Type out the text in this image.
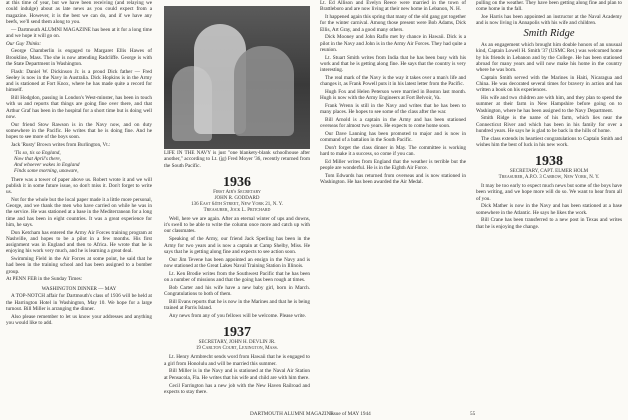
at this time of year, but we have been receiving (and relaying we could indulge) about as late news as you could expect from a magazine. However, it is the best we can do, and if we have any beefs, we'll send them along to you.

— Dartmouth ALUMNI MAGAZINE has been at it for a long time and we hope it will go on.

Our Guy Thinks:

George Chamberlin is engaged to Margaret Ellis Hawes of Brookline, Mass. The she is now attending Radcliffe. George is with the State Department in Washington.

Flash: Daniel W. Dickinson Jr. is a proud Dick father — Fred Seeley is now in the Navy in Australia. Dick Hopkins is in the Army and is stationed at Fort Knox, where he has made quite a record for himself.

Bill Hodgdon, passing in London's West-minster, has been in touch with us and reports that things are going fine over there, and that Arthur Graf has been in the hospital for a short time but is doing well now.

Our friend Stow Rawson is in the Navy now, and on duty somewhere in the Pacific. He writes that he is doing fine. And he hopes to see more of the boys soon.

Jack 'Rusty' Brown writes from Burlington, Vt.:

'Tis so, tis so England,
Now that April's there,
And whoever wakes in England
Finds some morning, unaware,

There was a tower of paper above us. Robert wrote it and we will publish it in some future issue, so don't miss it. Don't forget to write us.

Not for the whole but the local paper made it a little more personal, George, and we thank the men who have carried on while he was in the service. He was stationed at a base in the Mediterranean for a long time and has been in eight countries. It was a great experience for him, he says.

Don Ketcham has entered the Army Air Forces training program at Nashville, and hopes to be a pilot in a few months. His first assignment was in England and then to Africa. He wrote that he is enjoying his work very much, and he is learning a great deal.

Swimming Field in the Air Forces at some point, he said that he had been in the training school and has been assigned to a bomber group.

At PENN FEB in the Sunday Times:

WASHINGTON DINNER — MAY

A TOP-NOTCH affair for Dartmouth's class of 1936 will be held at the Harrington Hotel in Washington, May 10. We hope for a large turnout. Bill Miller is arranging the dinner.

Also please remember to let us know your addresses and anything you would like to add.

LIFE IN THE NAVY is just "one blankety-blank schoolhouse after another," according to Lt. (jg) Fred Moyer '36, recently returned from the South Pacific.
1936
First Air's Secretary
JOHN R. GODDARD
136 East 64th Street, New York 21, N. Y.
Treasurer, Jock L. Pritchard

Well, here we are again. After an eternal winter of ups and downs, it's swell to be able to write the column once more and catch up with our classmates.

Speaking of the Army, our friend Jack Sperling has been in the Army for two years and is now a captain at Camp Shelby, Miss. He says that he is getting along fine and expects to see action soon.

Our Jim Tevene has been appointed an ensign in the Navy and is now stationed at the Great Lakes Naval Training Station in Illinois.

Lt. Ken Brodie writes from the Southwest Pacific that he has been on a number of missions and that the going has been rough at times.

Bob Carter and his wife have a new baby girl, born in March. Congratulations to both of them.

Bill Evans reports that he is now in the Marines and that he is being trained at Parris Island.

Any news from any of you fellows will be welcome. Please write.

1937
SECRETARY, JOHN H. DEVLIN JR.
19 Carlton Court, Lexington, Mass.

Lt. Henry Armbrecht sends word from Hawaii that he is engaged to a girl from Honolulu and will be married this summer.

Bill Miller is in the Navy and is stationed at the Naval Air Station at Pensacola, Fla. He writes that his wife and child are with him there.

Cecil Farrington has a new job with the New Haven Railroad and expects to stay there.

Lt. Ed Allison and Evelyn Reece were married in the town of Brattleboro and are now living at their new home in Lebanon, N. H.

It happened again this spring that many of the old gang got together for the winter carnival. Among those present were Bob Adams, Dick Ellis, Art Gray, and a good many others.

Dick Mooney and John Raflo met by chance in Hawaii. Dick is a pilot in the Navy and John is in the Army Air Forces. They had quite a reunion.

Lt. Stuart Smith writes from India that he has been busy with his work and that he is getting along fine. He says that the country is very interesting.

The real mark of the Navy is the way it takes over a man's life and changes it, as Frank Powell puts it in his latest letter from the Pacific.

Hugh Fox and Helen Peterson were married in Boston last month. Hugh is now with the Army Engineers at Fort Belvoir, Va.

Frank Wrenn is still in the Navy and writes that he has been to many places. He hopes to see some of the class after the war.

Bill Arnold is a captain in the Army and has been stationed overseas for almost two years. He expects to come home soon.

Our Dave Lanning has been promoted to major and is now in command of a battalion in the South Pacific.

Don't forget the class dinner in May. The committee is working hard to make it a success, so come if you can.

Ed Miller writes from England that the weather is terrible but the people are wonderful. He is in the Eighth Air Force.

Tom Edwards has returned from overseas and is now stationed in Washington. He has been awarded the Air Medal.

pulling on the weather. They have been getting along fine and plan to come home in the fall.

Joe Harris has been appointed an instructor at the Naval Academy and is now living in Annapolis with his wife and children.

Smith Ridge

As an engagement which brought him double honors of an unusual kind, Captain Lowell H. Smith '37 (USMC Ret.) was welcomed home by his friends in Lebanon and by the College. He has been stationed abroad for many years and will now make his home in the country where he was born.

Captain Smith served with the Marines in Haiti, Nicaragua and China. He was decorated several times for bravery in action and has written a book on his experiences.

His wife and two children are with him, and they plan to spend the summer at their farm in New Hampshire before going on to Washington, where he has been assigned to the Navy Department.

Smith Ridge is the name of his farm, which lies near the Connecticut River and which has been in his family for over a hundred years. He says he is glad to be back in the hills of home.

The class extends its heartiest congratulations to Captain Smith and wishes him the best of luck in his new work.

1938
SECRETARY, CAPT. ELMER HOLM
Treasurer, A.P.O. 3 Carrow, New York, N. Y.

It may be too early to expect much news but some of the boys have been writing, and we hope more will do so. We want to hear from all of you.

Dick Mather is now in the Navy and has been stationed at a base somewhere in the Atlantic. He says he likes the work.

Bill Crane has been transferred to a new post in Texas and writes that he is enjoying the change.

DARTMOUTH ALUMNI MAGAZINE
Issue of MAY 1944	55
